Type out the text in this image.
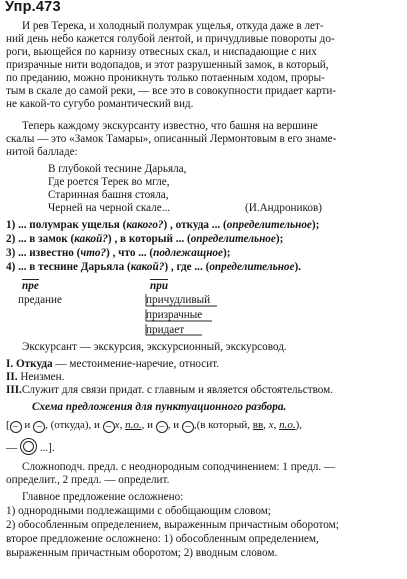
Упр.473
И рев Терека, и холодный полумрак ущелья, откуда даже в лет-
ний день небо кажется голубой лентой, и причудливые повороты до-
роги, вьющейся по карнизу отвесных скал, и ниспадающие с них
призрачные нити водопадов, и этот разрушенный замок, в который,
по преданию, можно проникнуть только потаенным ходом, проры-
тым в скале до самой реки, — все это в совокупности придает карти-
не какой-то сугубо романтический вид.
Теперь каждому экскурсанту известно, что башня на вершине
скалы — это «Замок Тамары», описанный Лермонтовым в его знаме-
нитой балладе:
В глубокой теснине Дарьяла,
Где роется Терек во мгле,
Старинная башня стояла,
Черней на черной скале...	(И.Андроников)
1) ... полумрак ущелья (какого?) , откуда ... (определительное);
2) ... в замок (какой?) , в который ... (определительное);
3) ... известно (что?) , что ... (подлежащное);
4) ... в теснине Дарьяла (какой?) , где ... (определительное).
пре
предание
при
причудливый
призрачные
придает
Экскурсант — экскурсия, экскурсионный, экскурсовод.
I. Откуда — местоимение-наречие, относит.
II. Неизмен.
III.Служит для связи придат. с главным и является обстоятельством.
Схема предложения для пунктуационного разбора.
[ – и – , (откуда), и – x, п.о., и – , и – ,(в который, вв, x, п.о.),
—  ...].
Сложноподч. предл. с неоднородным соподчинением: 1 предл. —
определит., 2 предл. — определит.
Главное предложение осложнено:
1) однородными подлежащими с обобщающим словом;
2) обособленным определением, выраженным причастным оборотом;
второе предложение осложнено: 1) обособленным определением,
выраженным причастным оборотом; 2) вводным словом.
